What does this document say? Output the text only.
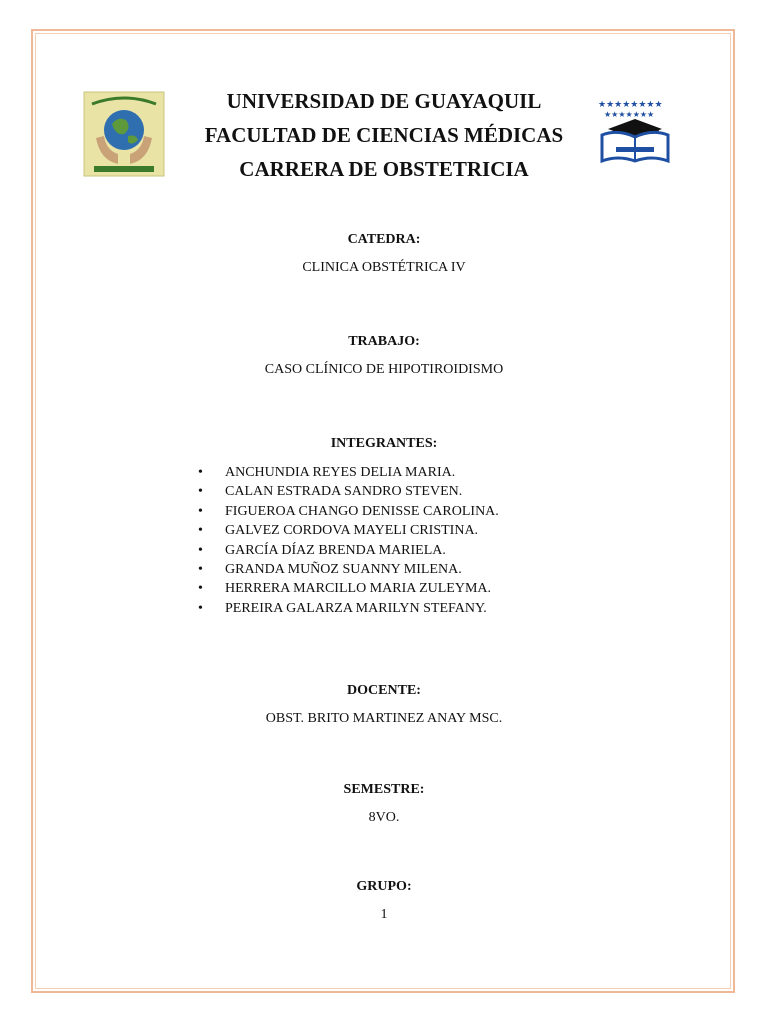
★★★★★★★★
★★★★★★★

UNIVERSIDAD DE GUAYAQUIL

FACULTAD DE CIENCIAS MÉDICAS

CARRERA DE OBSTETRICIA

CATEDRA:

CLINICA OBSTÉTRICA IV

TRABAJO:

CASO CLÍNICO DE HIPOTIROIDISMO

INTEGRANTES:

• ANCHUNDIA REYES DELIA MARIA.
• CALAN ESTRADA SANDRO STEVEN.
• FIGUEROA CHANGO DENISSE CAROLINA.
• GALVEZ CORDOVA MAYELI CRISTINA.
• GARCÍA DÍAZ BRENDA MARIELA.
• GRANDA MUÑOZ SUANNY MILENA.
• HERRERA MARCILLO MARIA ZULEYMA.
• PEREIRA GALARZA MARILYN STEFANY.

DOCENTE:

OBST. BRITO MARTINEZ ANAY MSC.

SEMESTRE:

8VO.

GRUPO:

1
